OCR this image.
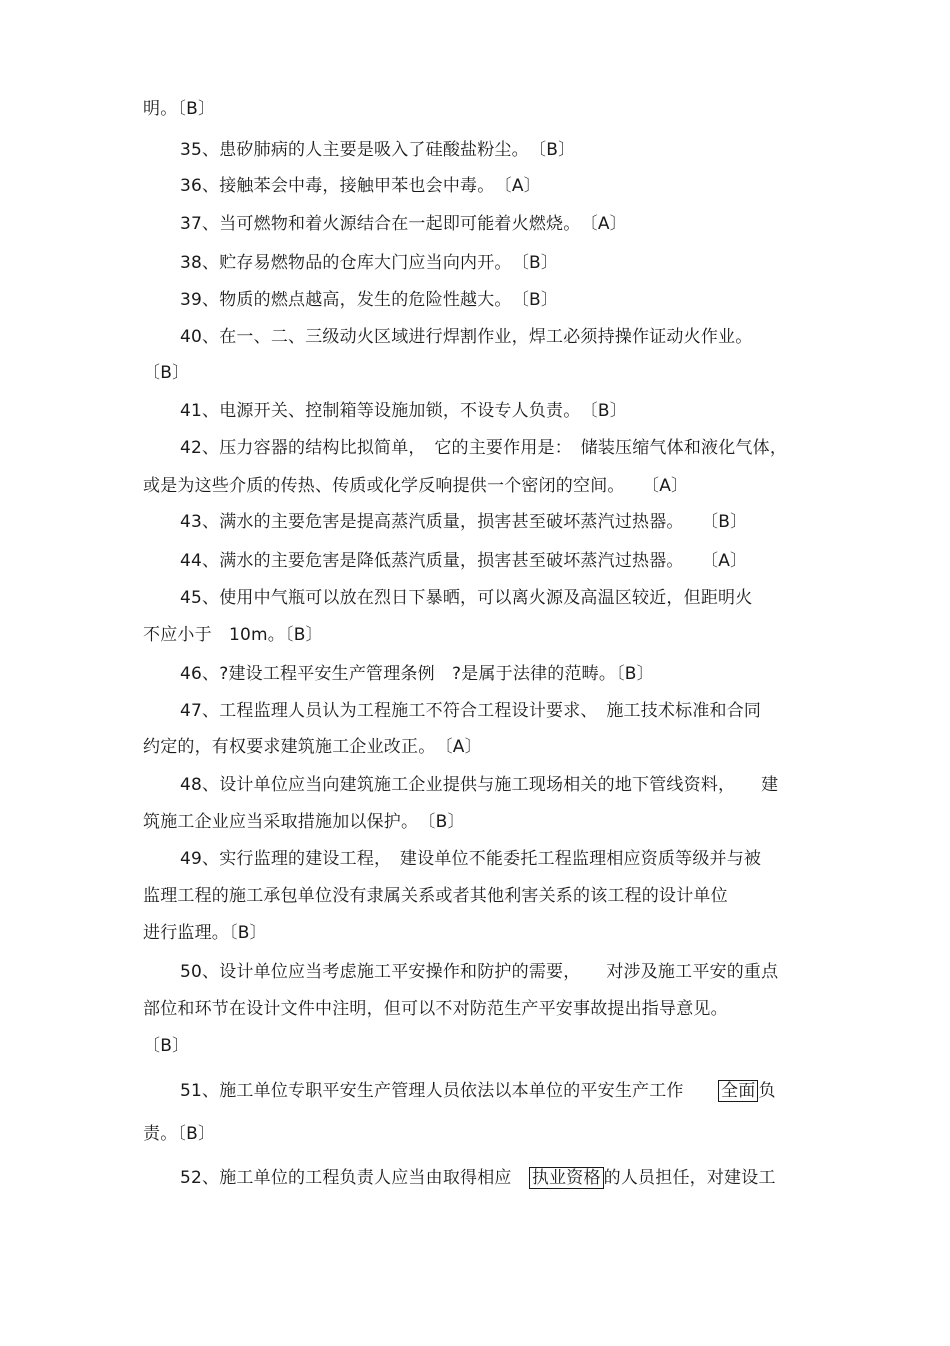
明。〔B〕
35、患矽肺病的人主要是吸入了硅酸盐粉尘。　〔B〕
36、接触苯会中毒，接触甲苯也会中毒。　〔A〕
37、当可燃物和着火源结合在一起即可能着火燃烧。　〔A〕
38、贮存易燃物品的仓库大门应当向内开。　〔B〕
39、物质的燃点越高，发生的危险性越大。　〔B〕
40、在一、二、三级动火区域进行焊割作业，焊工必须持操作证动火作业。
〔B〕
41、电源开关、控制箱等设施加锁，不设专人负责。　〔B〕
42、压力容器的结构比拟简单，　它的主要作用是：　储装压缩气体和液化气体，
或是为这些介质的传热、传质或化学反响提供一个密闭的空间。　　〔A〕
43、满水的主要危害是提高蒸汽质量，损害甚至破坏蒸汽过热器。　　〔B〕
44、满水的主要危害是降低蒸汽质量，损害甚至破坏蒸汽过热器。　　〔A〕
45、使用中气瓶可以放在烈日下暴晒，可以离火源及高温区较近，但距明火
不应小于　10m。〔B〕
46、?建设工程平安生产管理条例　?是属于法律的范畴。〔B〕
47、工程监理人员认为工程施工不符合工程设计要求、　施工技术标准和合同
约定的，有权要求建筑施工企业改正。　〔A〕
48、设计单位应当向建筑施工企业提供与施工现场相关的地下管线资料，　　建
筑施工企业应当采取措施加以保护。　〔B〕
49、实行监理的建设工程，　建设单位不能委托工程监理相应资质等级并与被
监理工程的施工承包单位没有隶属关系或者其他利害关系的该工程的设计单位
进行监理。〔B〕
50、设计单位应当考虑施工平安操作和防护的需要，　　对涉及施工平安的重点
部位和环节在设计文件中注明，但可以不对防范生产平安事故提出指导意见。
〔B〕
51、施工单位专职平安生产管理人员依法以本单位的平安生产工作　　全面 负
责。〔B〕
52、施工单位的工程负责人应当由取得相应　执业资格 的人员担任，对建设工
